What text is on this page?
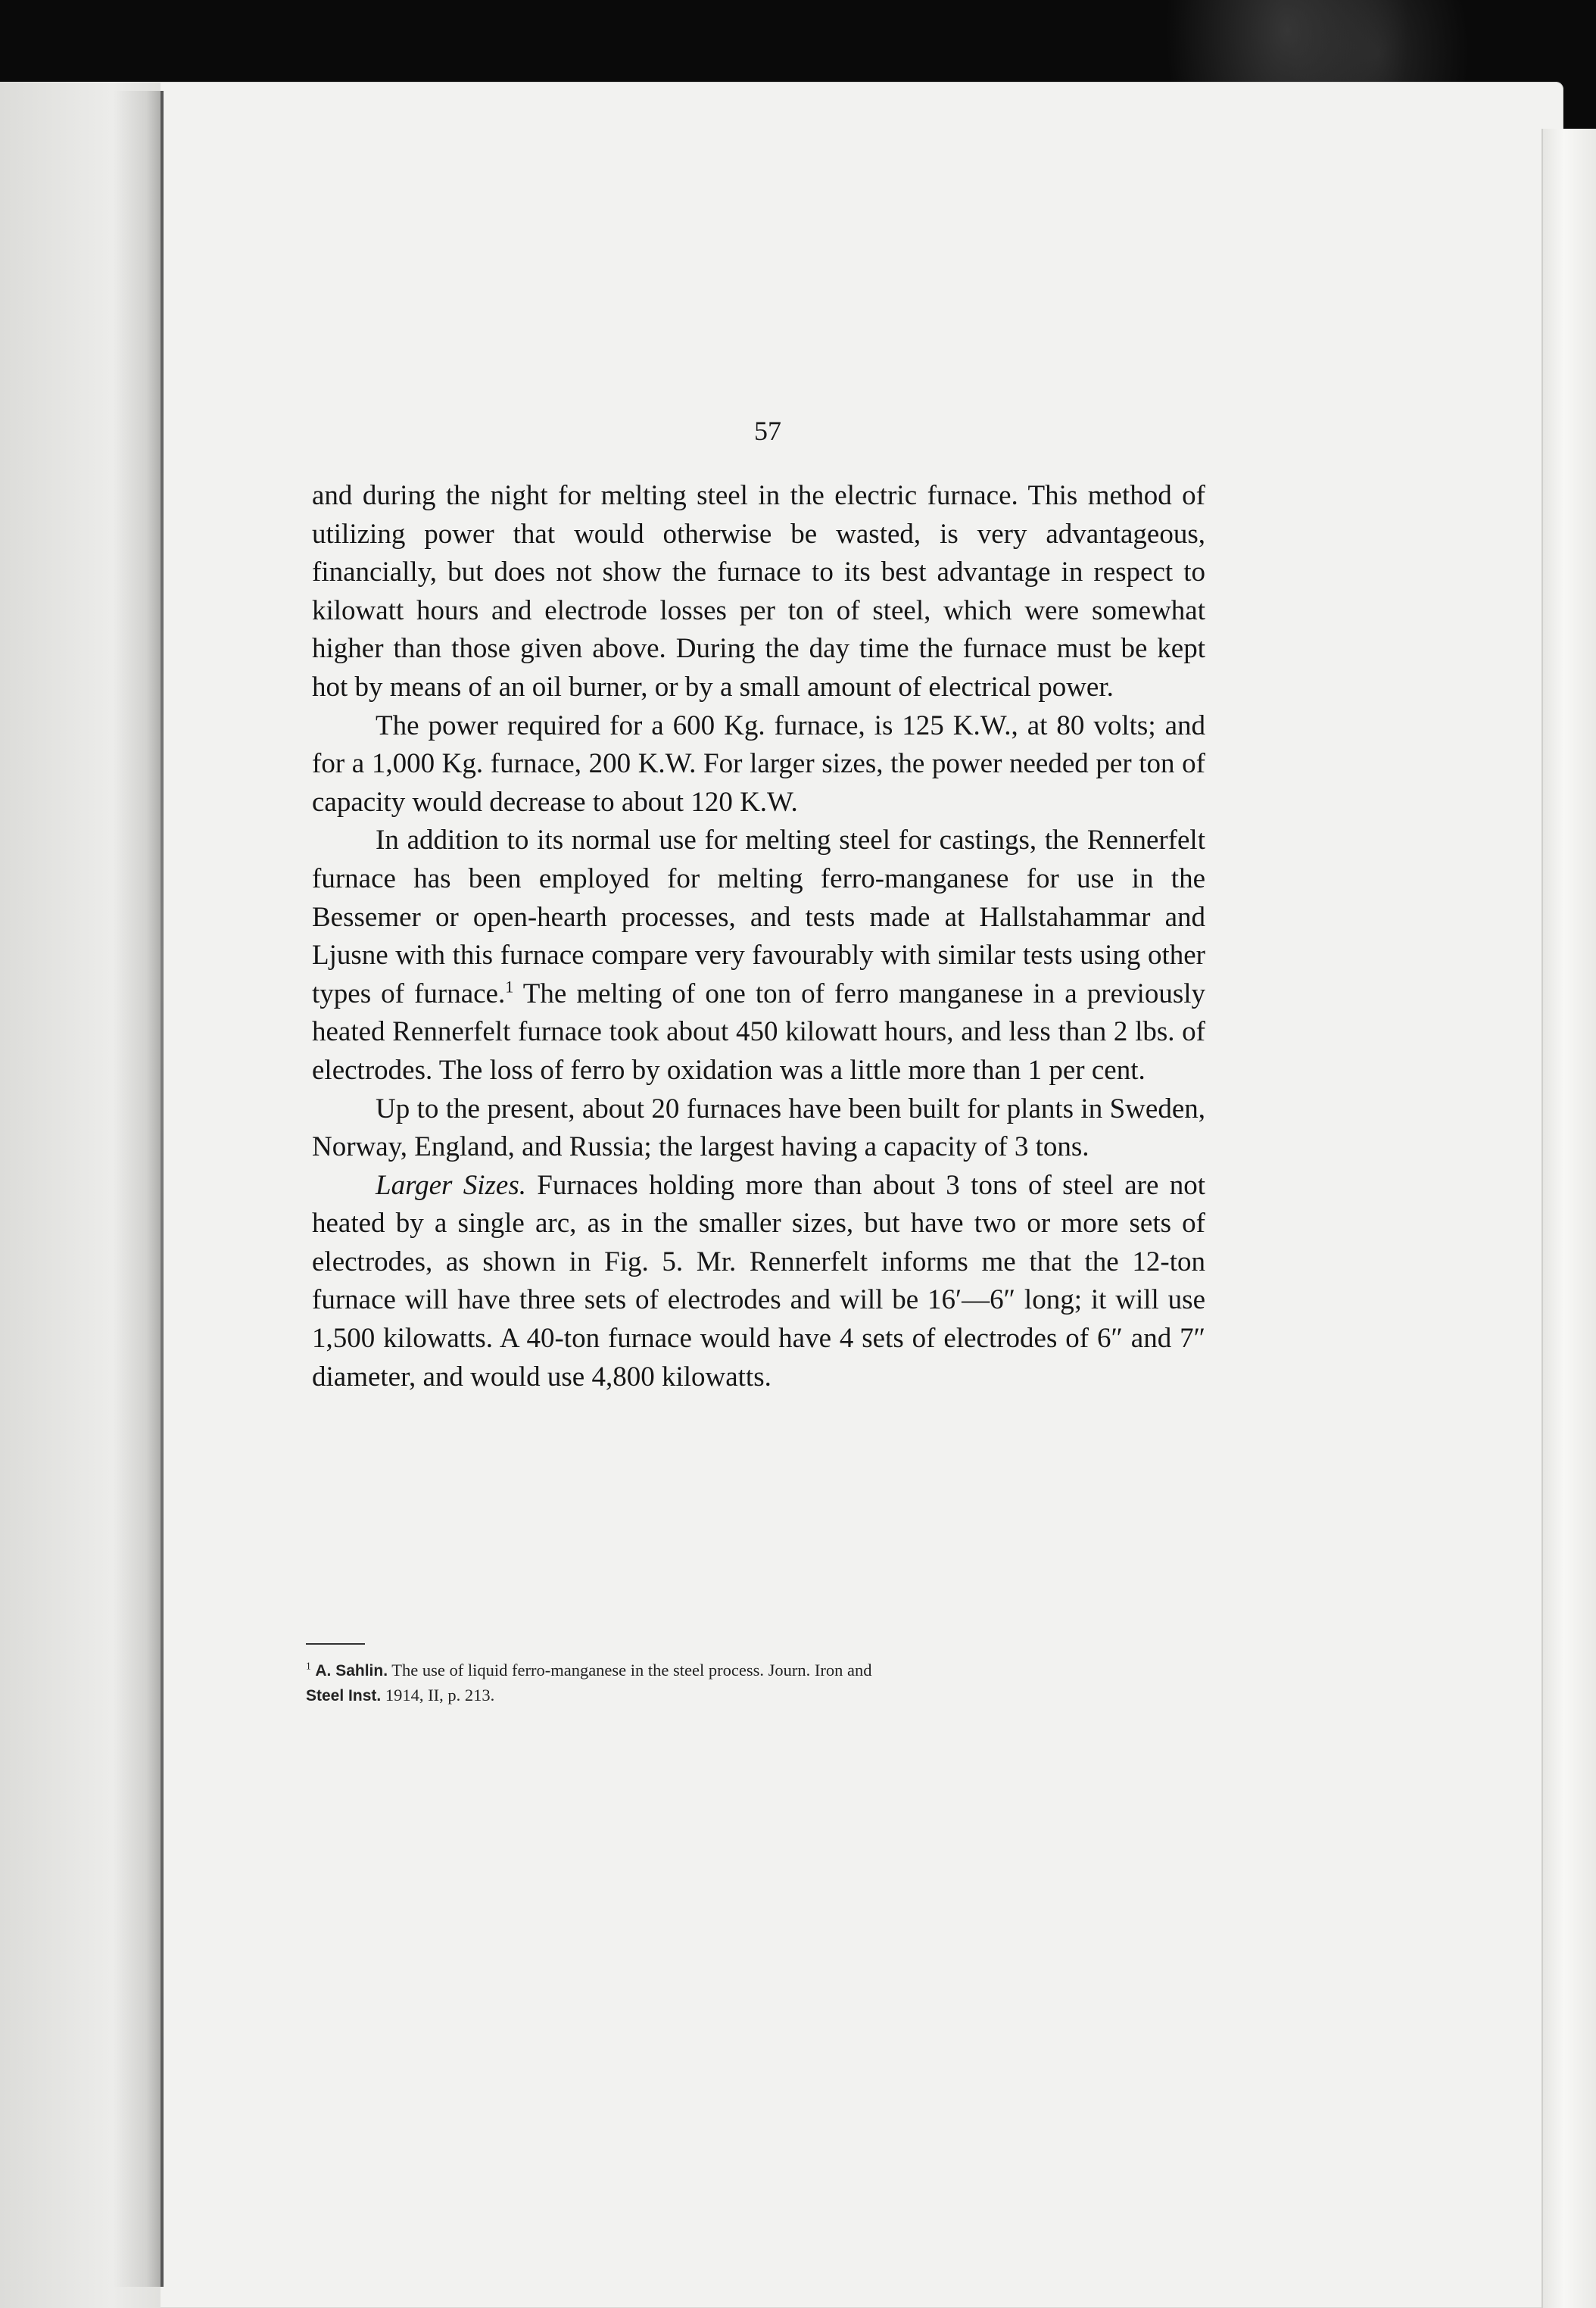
57

and during the night for melting steel in the electric furnace. This method of utilizing power that would otherwise be wasted, is very advantageous, financially, but does not show the furnace to its best advantage in respect to kilowatt hours and electrode losses per ton of steel, which were somewhat higher than those given above. During the day time the furnace must be kept hot by means of an oil burner, or by a small amount of electrical power.

The power required for a 600 Kg. furnace, is 125 K.W., at 80 volts; and for a 1,000 Kg. furnace, 200 K.W. For larger sizes, the power needed per ton of capacity would decrease to about 120 K.W.

In addition to its normal use for melting steel for castings, the Rennerfelt furnace has been employed for melting ferro-manganese for use in the Bessemer or open-hearth processes, and tests made at Hallstahammar and Ljusne with this furnace compare very favourably with similar tests using other types of furnace.$^1$ The melting of one ton of ferro manganese in a previously heated Rennerfelt furnace took about 450 kilowatt hours, and less than 2 lbs. of electrodes. The loss of ferro by oxidation was a little more than 1 per cent.

Up to the present, about 20 furnaces have been built for plants in Sweden, Norway, England, and Russia; the largest having a capacity of 3 tons.

Larger Sizes. Furnaces holding more than about 3 tons of steel are not heated by a single arc, as in the smaller sizes, but have two or more sets of electrodes, as shown in Fig. 5. Mr. Rennerfelt informs me that the 12-ton furnace will have three sets of electrodes and will be 16′—6″ long; it will use 1,500 kilowatts. A 40-ton furnace would have 4 sets of electrodes of 6″ and 7″ diameter, and would use 4,800 kilowatts.

$^1$ A. Sahlin. The use of liquid ferro-manganese in the steel process. Journ. Iron and
Steel Inst. 1914, II, p. 213.
